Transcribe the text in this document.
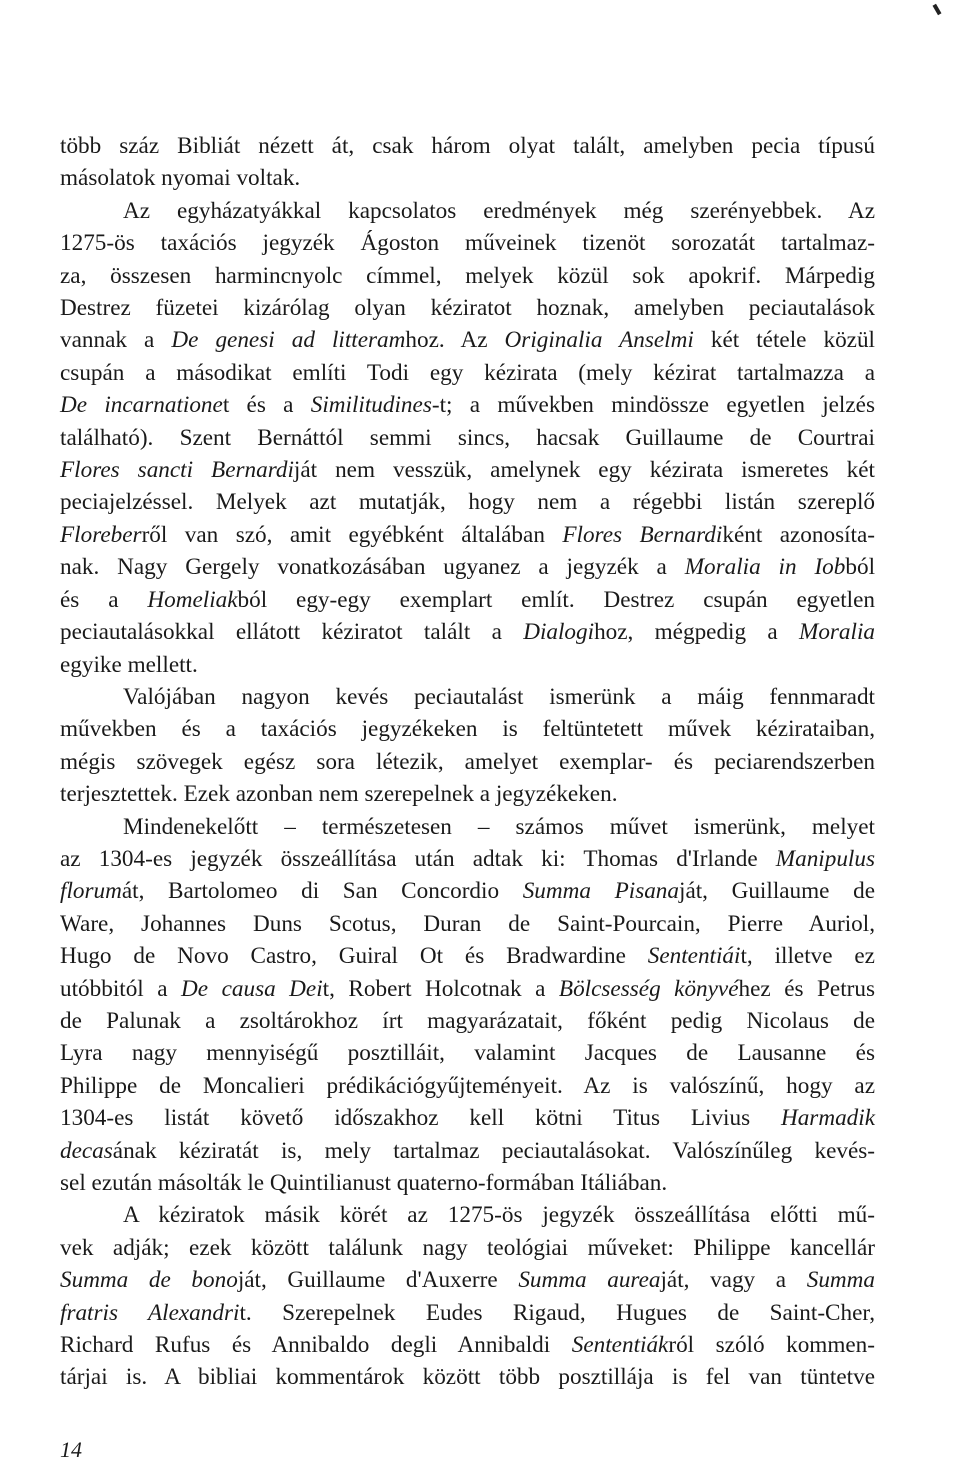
több száz Bibliát nézett át, csak három olyat talált, amelyben pecia típusú
másolatok nyomai voltak.
Az egyházatyákkal kapcsolatos eredmények még szerényebbek. Az
1275-ös taxációs jegyzék Ágoston műveinek tizenöt sorozatát tartalmaz-
za, összesen harmincnyolc címmel, melyek közül sok apokrif. Márpedig
Destrez füzetei kizárólag olyan kéziratot hoznak, amelyben peciautalások
vannak a De genesi ad litteramhoz. Az Originalia Anselmi két tétele közül
csupán a másodikat említi Todi egy kézirata (mely kézirat tartalmazza a
De incarnationet és a Similitudines-t; a művekben mindössze egyetlen jelzés
található). Szent Bernáttól semmi sincs, hacsak Guillaume de Courtrai
Flores sancti Bernardiját nem vesszük, amelynek egy kézirata ismeretes két
peciajelzéssel. Melyek azt mutatják, hogy nem a régebbi listán szereplő
Floreberről van szó, amit egyébként általában Flores Bernardiként azonosíta-
nak. Nagy Gergely vonatkozásában ugyanez a jegyzék a Moralia in Iobból
és a Homeliakból egy-egy exemplart említ. Destrez csupán egyetlen
peciautalásokkal ellátott kéziratot talált a Dialogihoz, mégpedig a Moralia
egyike mellett.
Valójában nagyon kevés peciautalást ismerünk a máig fennmaradt
művekben és a taxációs jegyzékeken is feltüntetett művek kézirataiban,
mégis szövegek egész sora létezik, amelyet exemplar- és peciarendszerben
terjesztettek. Ezek azonban nem szerepelnek a jegyzékeken.
Mindenekelőtt – természetesen – számos művet ismerünk, melyet
az 1304-es jegyzék összeállítása után adtak ki: Thomas d'Irlande Manipulus
florumát, Bartolomeo di San Concordio Summa Pisanaját, Guillaume de
Ware, Johannes Duns Scotus, Duran de Saint-Pourcain, Pierre Auriol,
Hugo de Novo Castro, Guiral Ot és Bradwardine Sententiáit, illetve ez
utóbbitól a De causa Deit, Robert Holcotnak a Bölcsesség könyvéhez és Petrus
de Palunak a zsoltárokhoz írt magyarázatait, főként pedig Nicolaus de
Lyra nagy mennyiségű posztilláit, valamint Jacques de Lausanne és
Philippe de Moncalieri prédikációgyűjteményeit. Az is valószínű, hogy az
1304-es listát követő időszakhoz kell kötni Titus Livius Harmadik
decasának kéziratát is, mely tartalmaz peciautalásokat. Valószínűleg kevés-
sel ezután másolták le Quintilianust quaterno-formában Itáliában.
A kéziratok másik körét az 1275-ös jegyzék összeállítása előtti mű-
vek adják; ezek között találunk nagy teológiai műveket: Philippe kancellár
Summa de bonoját, Guillaume d'Auxerre Summa aureaját, vagy a Summa
fratris Alexandrit. Szerepelnek Eudes Rigaud, Hugues de Saint-Cher,
Richard Rufus és Annibaldo degli Annibaldi Sententiákról szóló kommen-
tárjai is. A bibliai kommentárok között több posztillája is fel van tüntetve
14
